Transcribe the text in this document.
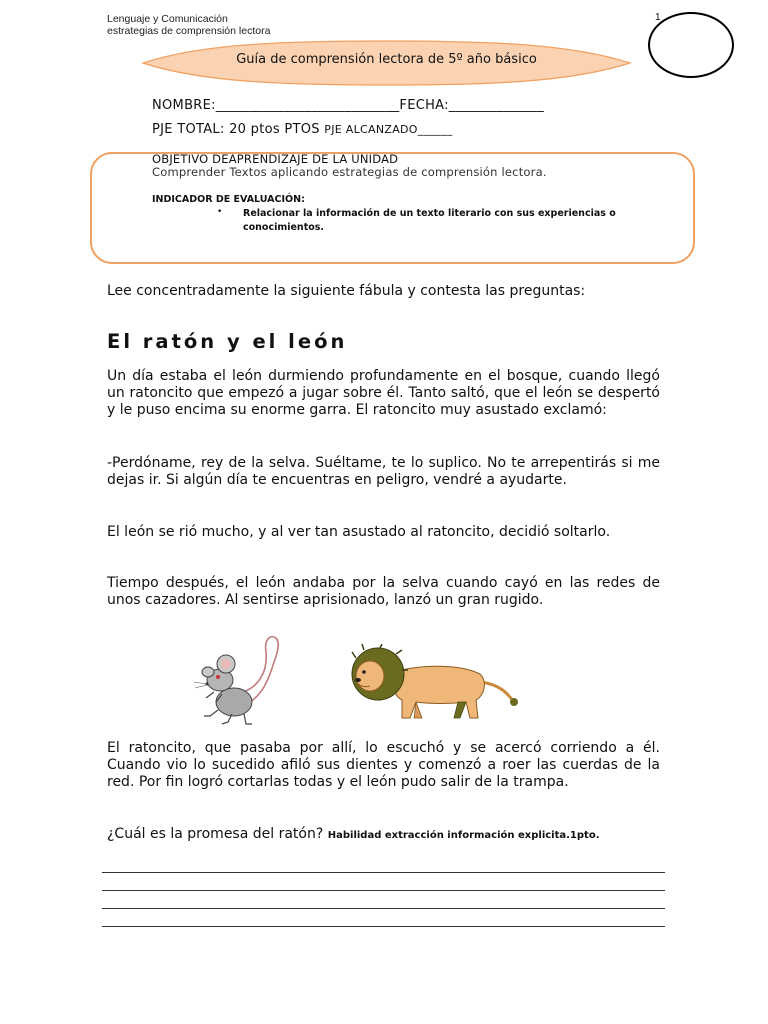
Lenguaje y Comunicación
estrategias de comprensión lectora
1
Guía de comprensión lectora de 5º año básico
NOMBRE:___________________________FECHA:______________
PJE TOTAL: 20 ptos PTOS PJE ALCANZADO______
OBJETIVO DEAPRENDIZAJE DE LA UNIDAD
Comprender Textos aplicando estrategias de comprensión lectora.
INDICADOR DE EVALUACIÓN:
• Relacionar la información de un texto literario con sus experiencias o conocimientos.
Lee concentradamente la siguiente fábula y contesta las preguntas:
El ratón y el león
Un día estaba el león durmiendo profundamente en el bosque, cuando llegó un ratoncito que empezó a jugar sobre él. Tanto saltó, que el león se despertó y le puso encima su enorme garra. El ratoncito muy asustado exclamó:
-Perdóname, rey de la selva. Suéltame, te lo suplico. No te arrepentirás si me dejas ir. Si algún día te encuentras en peligro, vendré a ayudarte.
El león se rió mucho, y al ver tan asustado al ratoncito, decidió soltarlo.
Tiempo después, el león andaba por la selva cuando cayó en las redes de unos cazadores. Al sentirse aprisionado, lanzó un gran rugido.
El ratoncito, que pasaba por allí, lo escuchó y se acercó corriendo a él. Cuando vio lo sucedido afiló sus dientes y comenzó a roer las cuerdas de la red. Por fin logró cortarlas todas y el león pudo salir de la trampa.
¿Cuál es la promesa del ratón? Habilidad extracción información explicita.1pto.
